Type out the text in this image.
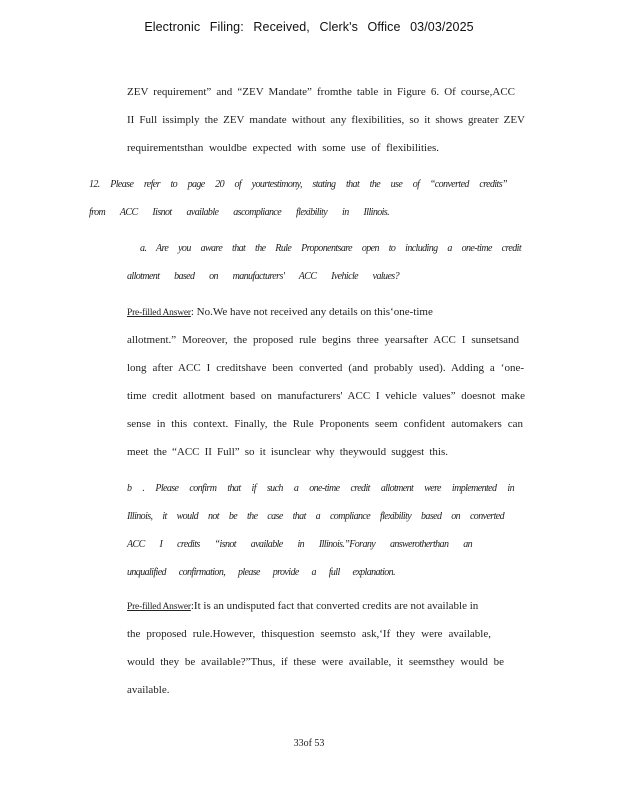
Electronic Filing: Received, Clerk's Office 03/03/2025
ZEV requirement” and “ZEV Mandate” fromthe table in Figure 6. Of course,ACC
II Full issimply the ZEV mandate without any flexibilities, so it shows greater ZEV
requirementsthan wouldbe expected with some use of flexibilities.
12. Please refer to page 20 of yourtestimony, stating that the use of “converted credits”
from ACC Iisnot available ascompliance flexibility in Illinois.
a. Are you aware that the Rule Proponentsare open to including a one-time credit
allotment based on manufacturers' ACC Ivehicle values?
Pre-filled Answer: No.We have not received any details on this‘one-time
allotment.” Moreover, the proposed rule begins three yearsafter ACC I sunsetsand
long after ACC I creditshave been converted (and probably used). Adding a ‘one-
time credit allotment based on manufacturers' ACC I vehicle values” doesnot make
sense in this context. Finally, the Rule Proponents seem confident automakers can
meet the “ACC II Full” so it isunclear why theywould suggest this.
b . Please confirm that if such a one-time credit allotment were implemented in
Illinois, it would not be the case that a compliance flexibility based on converted
ACC I credits “isnot available in Illinois.”Forany answerotherthan an
unqualified confirmation, please provide a full explanation.
Pre-filled Answer:It is an undisputed fact that converted credits are not available in
the proposed rule.However, thisquestion seemsto ask,‘If they were available,
would they be available?”Thus, if these were available, it seemsthey would be
available.
33of 53
